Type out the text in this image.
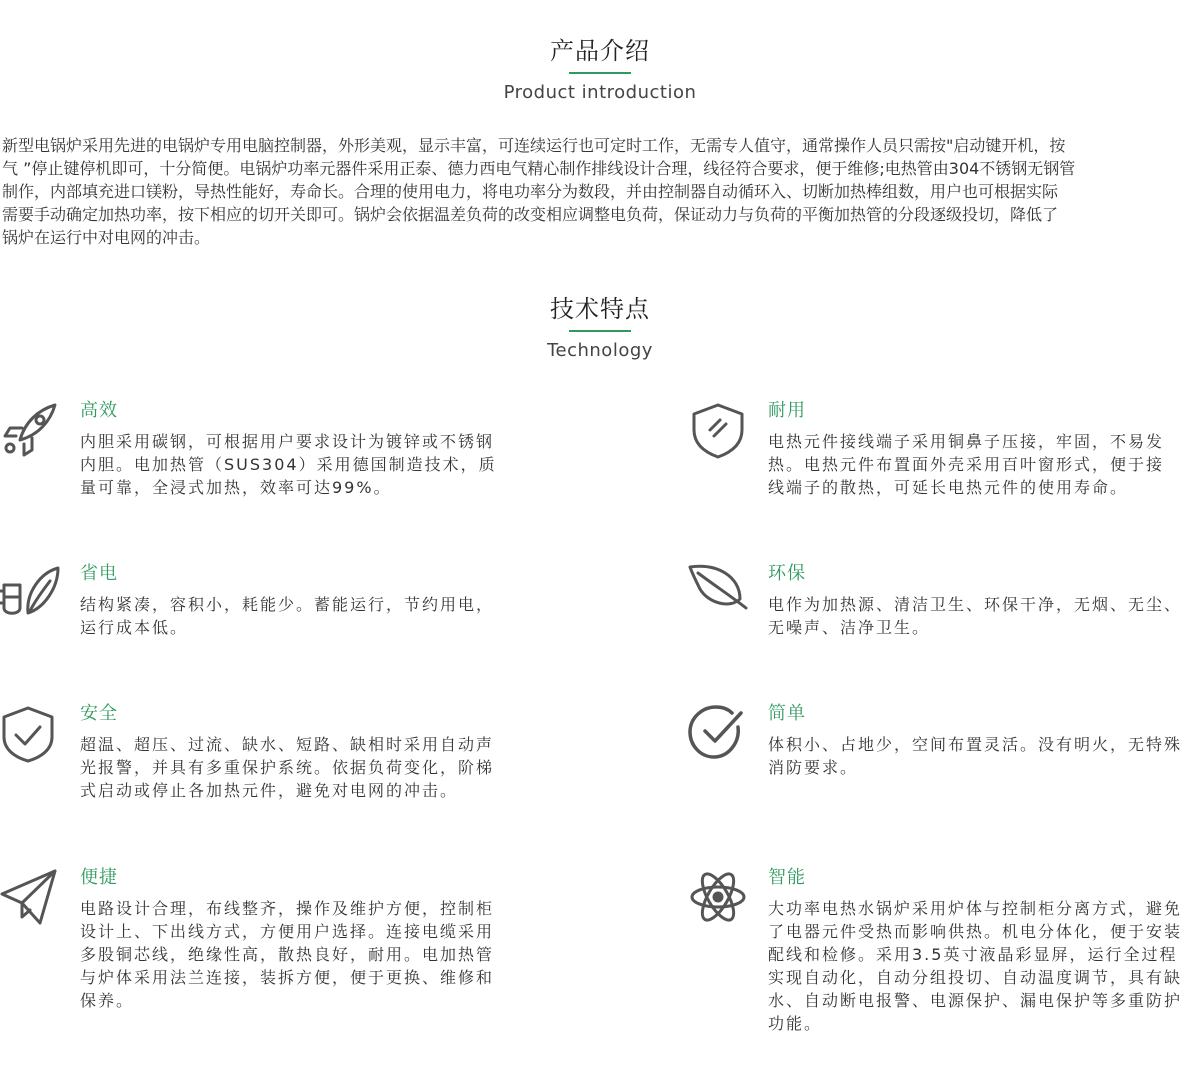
产品介绍
Product introduction

新型电锅炉采用先进的电锅炉专用电脑控制器，外形美观，显示丰富，可连续运行也可定时工作，无需专人值守，通常操作人员只需按"启动键开机，按
气 ”停止键停机即可，十分简便。电锅炉功率元器件采用正泰、德力西电气精心制作排线设计合理，线径符合要求，便于维修;电热管由304不锈钢无钢管
制作，内部填充进口镁粉，导热性能好，寿命长。合理的使用电力，将电功率分为数段，并由控制器自动循环入、切断加热棒组数，用户也可根据实际
需要手动确定加热功率，按下相应的切开关即可。锅炉会依据温差负荷的改变相应调整电负荷，保证动力与负荷的平衡加热管的分段逐级投切，降低了
锅炉在运行中对电网的冲击。

技术特点
Technology
高效

内胆采用碳钢，可根据用户要求设计为镀锌或不锈钢
内胆。电加热管（SUS304）采用德国制造技术，质
量可靠，全浸式加热，效率可达99%。

耐用

电热元件接线端子采用铜鼻子压接，牢固，不易发
热。电热元件布置面外壳采用百叶窗形式，便于接
线端子的散热，可延长电热元件的使用寿命。

省电

结构紧凑，容积小，耗能少。蓄能运行，节约用电，
运行成本低。

环保

电作为加热源、清洁卫生、环保干净，无烟、无尘、
无噪声、洁净卫生。

安全

超温、超压、过流、缺水、短路、缺相时采用自动声
光报警，并具有多重保护系统。依据负荷变化，阶梯
式启动或停止各加热元件，避免对电网的冲击。

简单

体积小、占地少，空间布置灵活。没有明火，无特殊
消防要求。

便捷

电路设计合理，布线整齐，操作及维护方便，控制柜
设计上、下出线方式，方便用户选择。连接电缆采用
多股铜芯线，绝缘性高，散热良好，耐用。电加热管
与炉体采用法兰连接，装拆方便，便于更换、维修和
保养。

智能

大功率电热水锅炉采用炉体与控制柜分离方式，避免
了电器元件受热而影响供热。机电分体化，便于安装
配线和检修。采用3.5英寸液晶彩显屏，运行全过程
实现自动化，自动分组投切、自动温度调节，具有缺
水、自动断电报警、电源保护、漏电保护等多重防护
功能。
